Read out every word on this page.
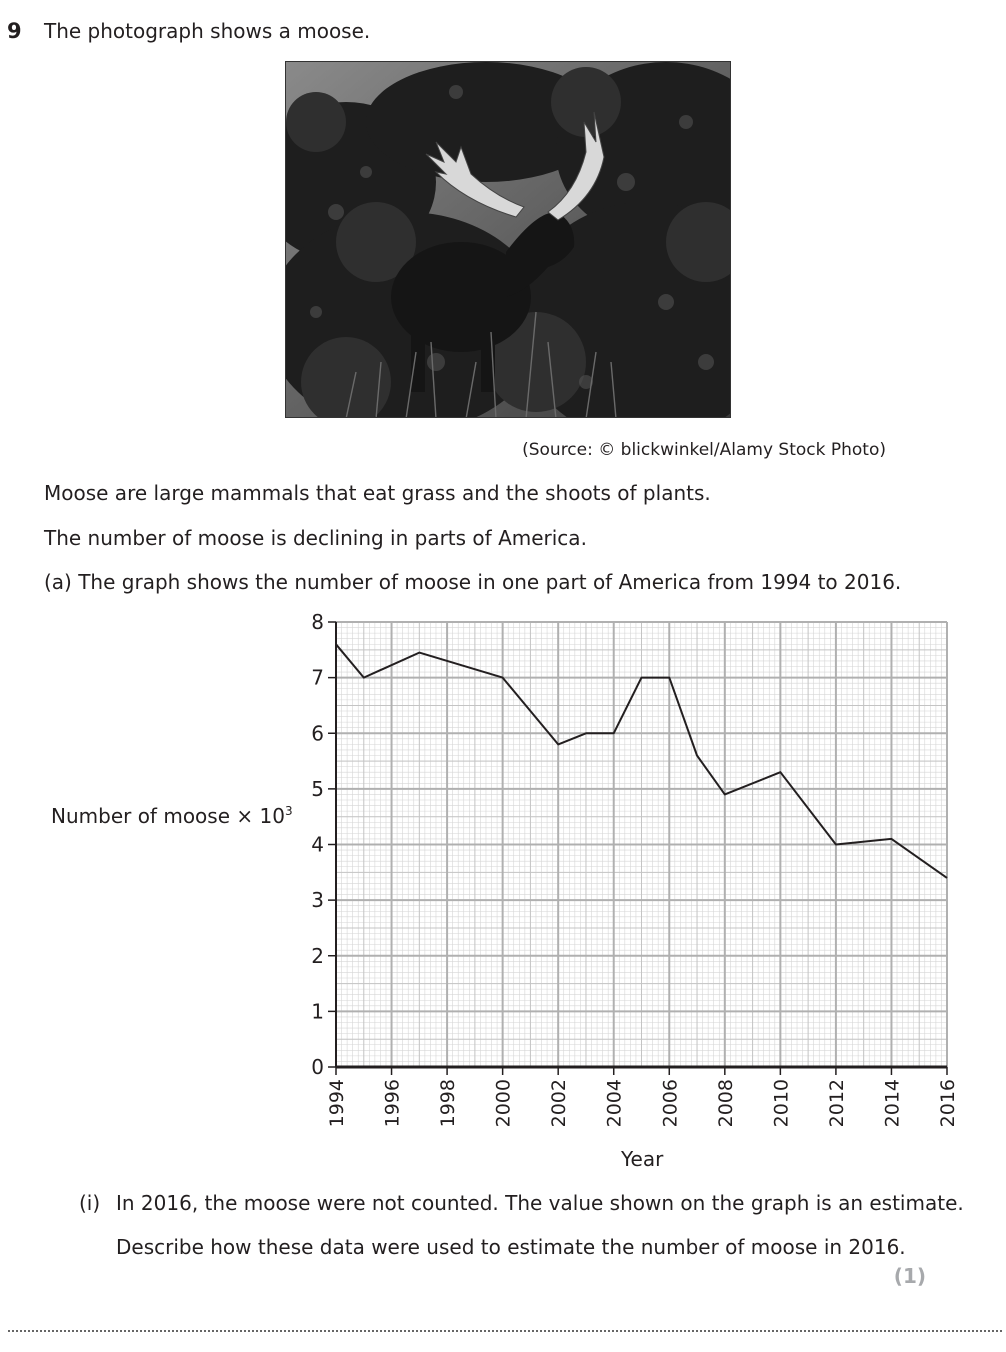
9 The photograph shows a moose.
(Source: © blickwinkel/Alamy Stock Photo)
Moose are large mammals that eat grass and the shoots of plants.
The number of moose is declining in parts of America.
(a) The graph shows the number of moose in one part of America from 1994 to 2016.
Number of moose × $10^3$
0
1
2
3
4
5
6
7
8
1994 1996 1998 2000 2002 2004 2006 2008 2010 2012 2014 2016
Year
(i) In 2016, the moose were not counted. The value shown on the graph is an estimate.
Describe how these data were used to estimate the number of moose in 2016.
(1)
